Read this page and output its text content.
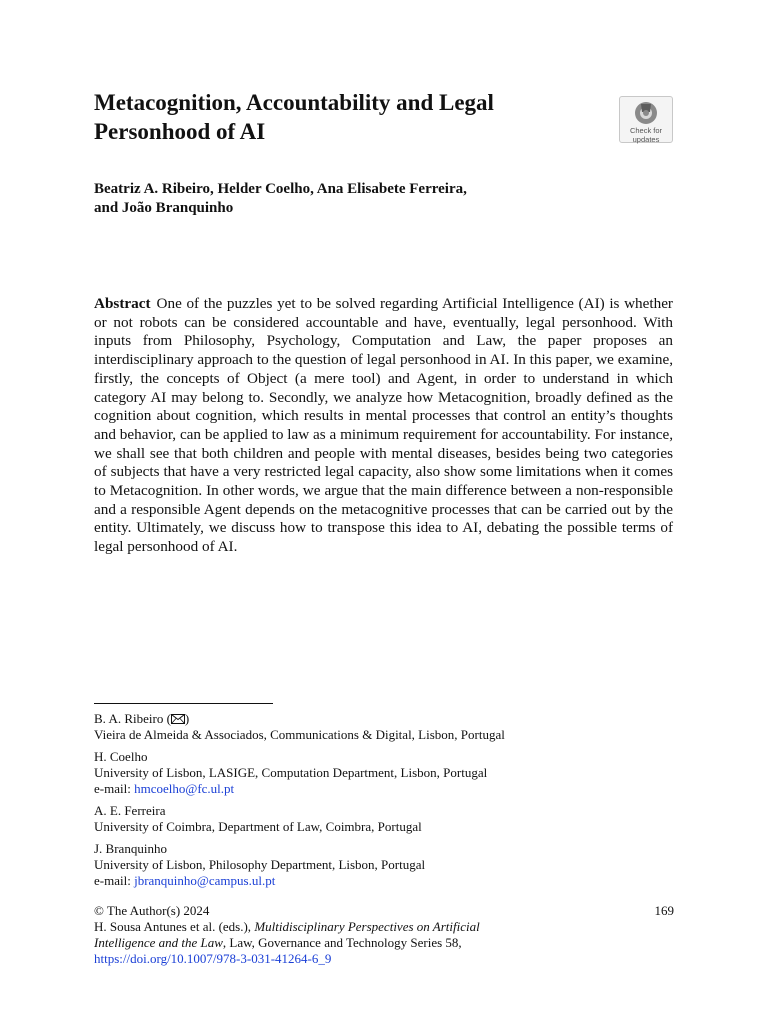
Metacognition, Accountability and Legal Personhood of AI	Check for
updates
Beatriz A. Ribeiro, Helder Coelho, Ana Elisabete Ferreira,
and João Branquinho

Abstract One of the puzzles yet to be solved regarding Artificial Intelligence (AI) is whether or not robots can be considered accountable and have, eventually, legal personhood. With inputs from Philosophy, Psychology, Computation and Law, the paper proposes an interdisciplinary approach to the question of legal personhood in AI. In this paper, we examine, firstly, the concepts of Object (a mere tool) and Agent, in order to understand in which category AI may belong to. Secondly, we analyze how Metacognition, broadly defined as the cognition about cognition, which results in mental processes that control an entity’s thoughts and behavior, can be applied to law as a minimum requirement for accountability. For instance, we shall see that both children and people with mental diseases, besides being two categories of subjects that have a very restricted legal capacity, also show some limitations when it comes to Metacognition. In other words, we argue that the main difference between a non-responsible and a responsible Agent depends on the metacognitive processes that can be carried out by the entity. Ultimately, we discuss how to transpose this idea to AI, debating the possible terms of legal personhood of AI.

B. A. Ribeiro ( )
Vieira de Almeida & Associados, Communications & Digital, Lisbon, Portugal
H. Coelho
University of Lisbon, LASIGE, Computation Department, Lisbon, Portugal
e-mail: hmcoelho@fc.ul.pt
A. E. Ferreira
University of Coimbra, Department of Law, Coimbra, Portugal
J. Branquinho
University of Lisbon, Philosophy Department, Lisbon, Portugal
e-mail: jbranquinho@campus.ul.pt
169
© The Author(s) 2024
H. Sousa Antunes et al. (eds.), Multidisciplinary Perspectives on Artificial
Intelligence and the Law, Law, Governance and Technology Series 58,
https://doi.org/10.1007/978-3-031-41264-6_9
